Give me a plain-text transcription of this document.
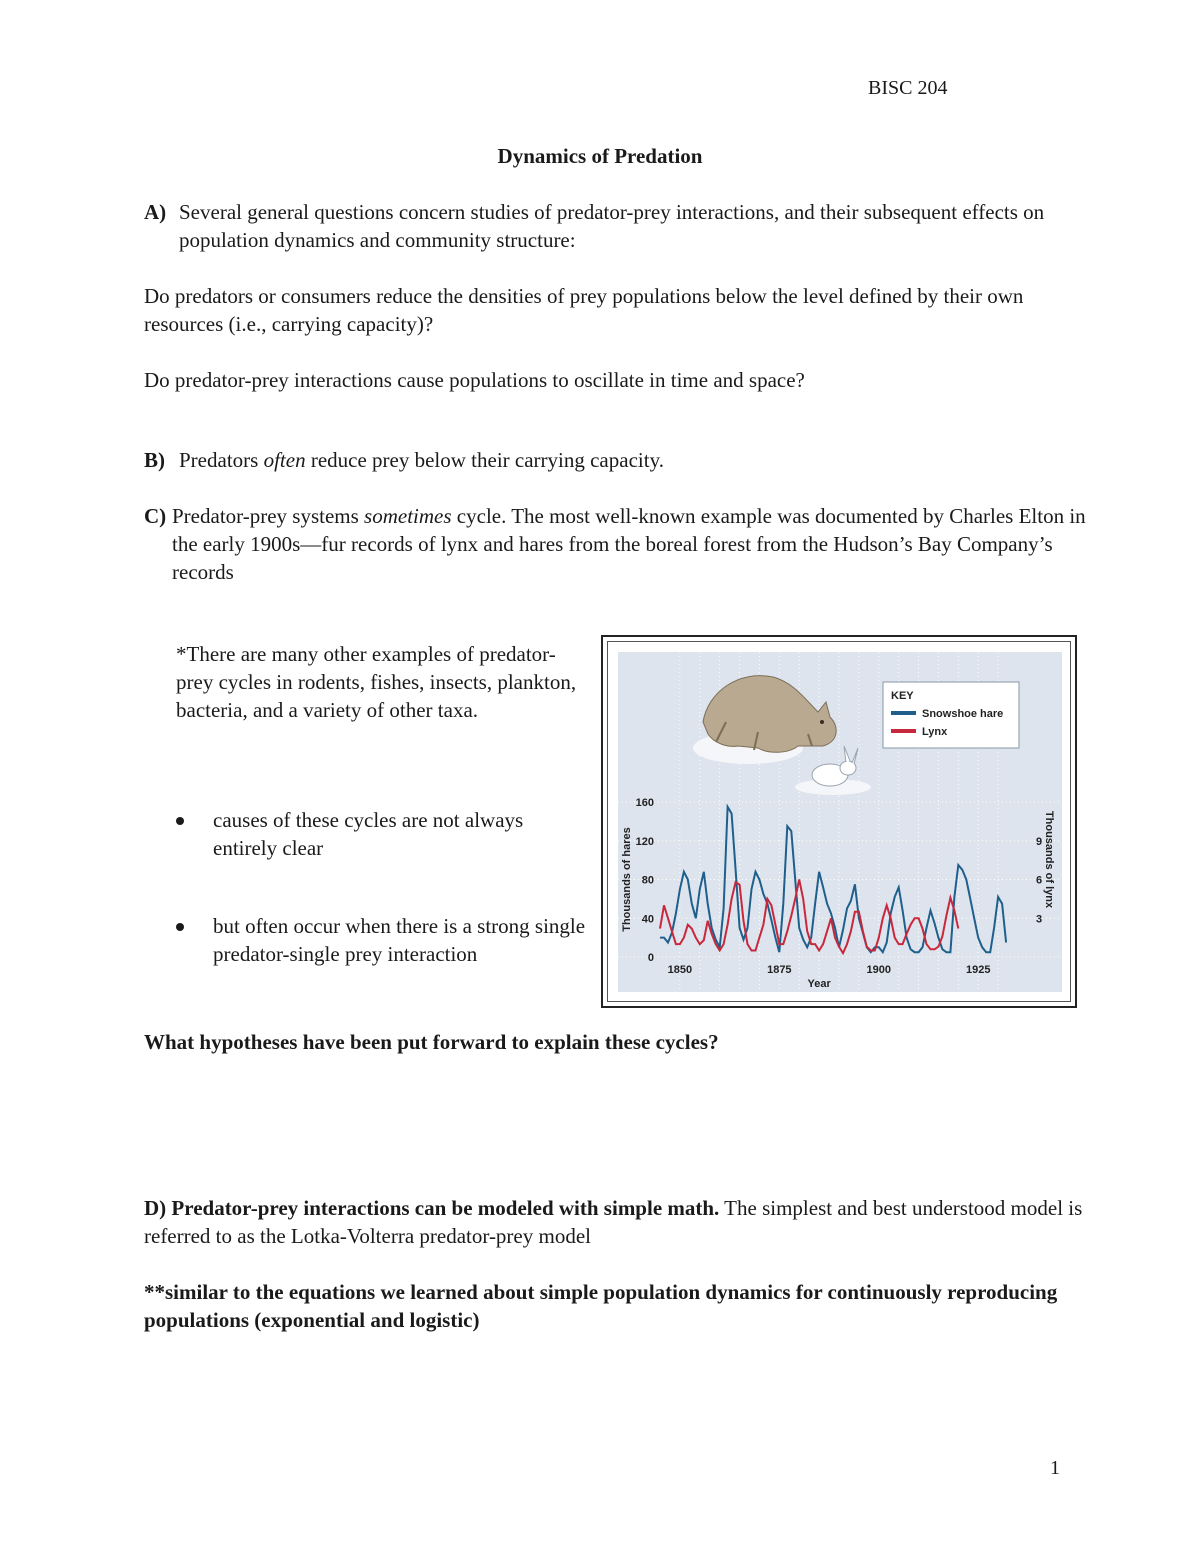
BISC 204
Dynamics of Predation
A) Several general questions concern studies of predator-prey interactions, and their subsequent effects on population dynamics and community structure:
Do predators or consumers reduce the densities of prey populations below the level defined by their own resources (i.e., carrying capacity)?
Do predator-prey interactions cause populations to oscillate in time and space?
B) Predators often reduce prey below their carrying capacity.
C) Predator-prey systems sometimes cycle. The most well-known example was documented by Charles Elton in the early 1900s—fur records of lynx and hares from the boreal forest from the Hudson’s Bay Company’s records
*There are many other examples of predator-prey cycles in rodents, fishes, insects, plankton, bacteria, and a variety of other taxa.
causes of these cycles are not always entirely clear
but often occur when there is a strong single predator-single prey interaction
KEY
Snowshoe hare
Lynx
0
40
80
120
160
3
6
9
1850	1875	1900	1925
Thousands of hares	Thousands of lynx
Year
What hypotheses have been put forward to explain these cycles?
D) Predator-prey interactions can be modeled with simple math. The simplest and best understood model is referred to as the Lotka-Volterra predator-prey model
**similar to the equations we learned about simple population dynamics for continuously reproducing populations (exponential and logistic)
1
